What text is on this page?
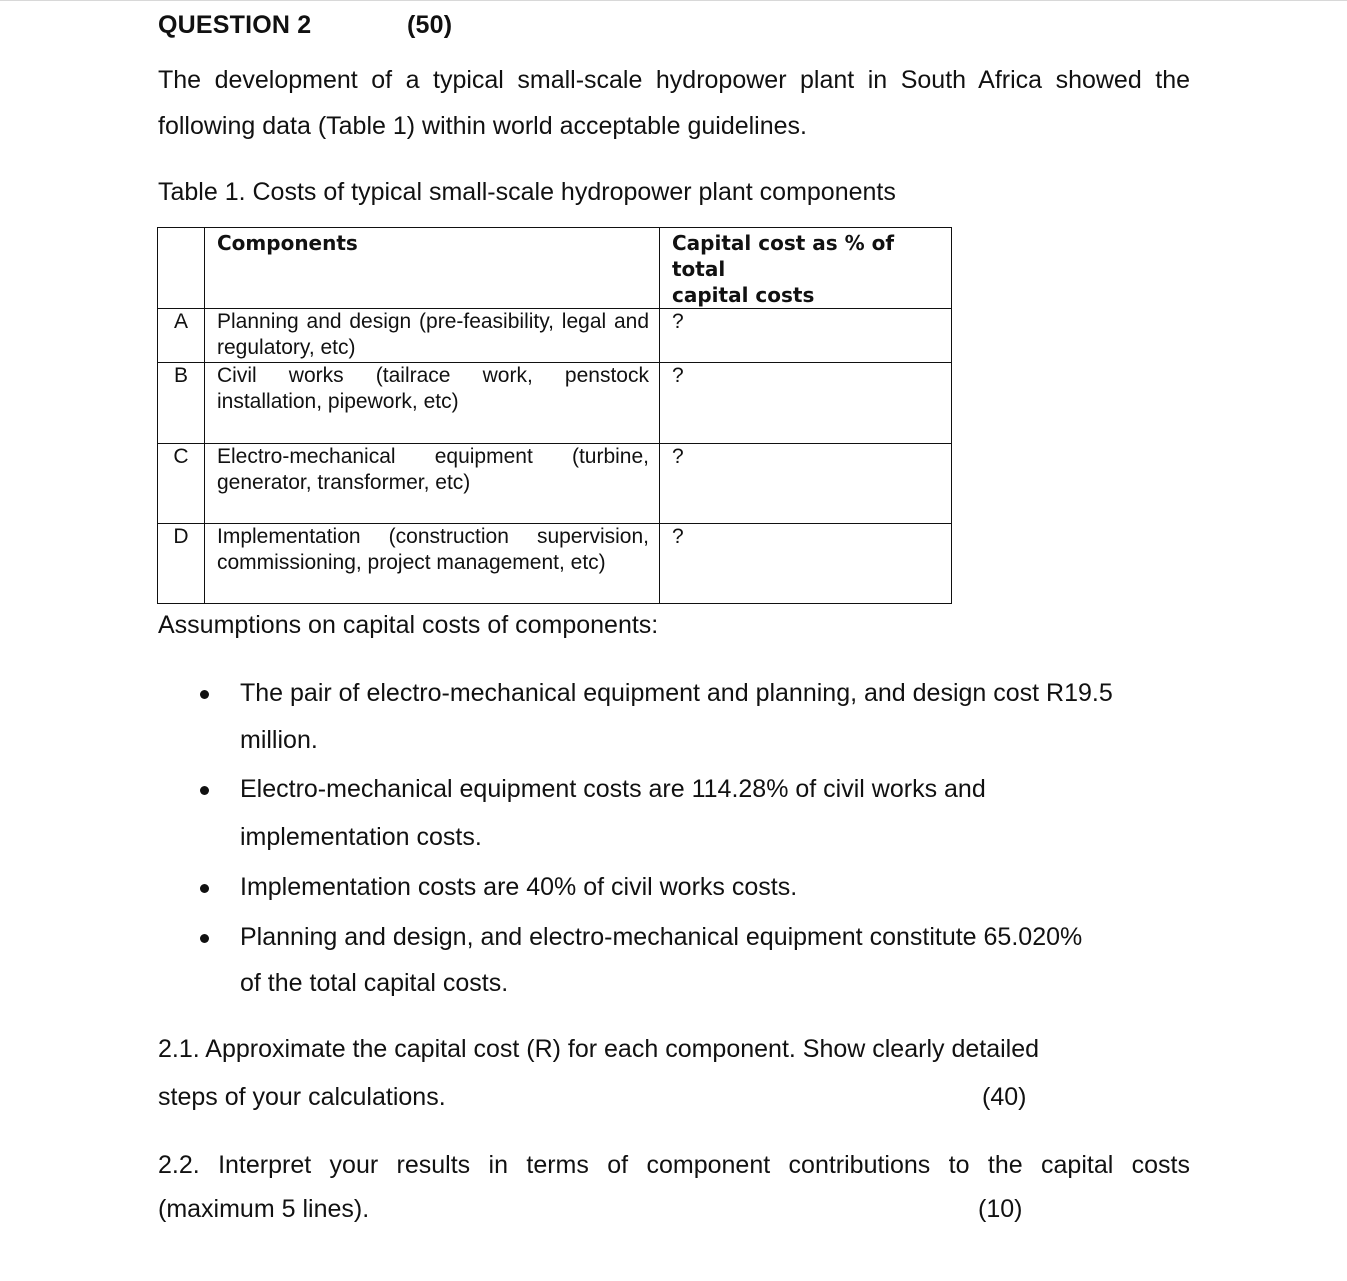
QUESTION 2	(50)
The development of a typical small-scale hydropower plant in South Africa showed the
following data (Table 1) within world acceptable guidelines.
Table 1. Costs of typical small-scale hydropower plant components
	Components	Capital cost as % of total
capital costs

A	Planning and design (pre-feasibility, legal and regulatory, etc)	?
B	Civil works (tailrace work, penstock installation, pipework, etc)	?
C	Electro-mechanical equipment (turbine, generator, transformer, etc)	?
D	Implementation (construction supervision, commissioning, project management, etc)	?
Assumptions on capital costs of components:
The pair of electro-mechanical equipment and planning, and design cost R19.5
million.
Electro-mechanical equipment costs are 114.28% of civil works and
implementation costs.
Implementation costs are 40% of civil works costs.
Planning and design, and electro-mechanical equipment constitute 65.020%
of the total capital costs.
2.1. Approximate the capital cost (R) for each component. Show clearly detailed
steps of your calculations.	(40)
2.2. Interpret your results in terms of component contributions to the capital costs
(maximum 5 lines).	(10)
